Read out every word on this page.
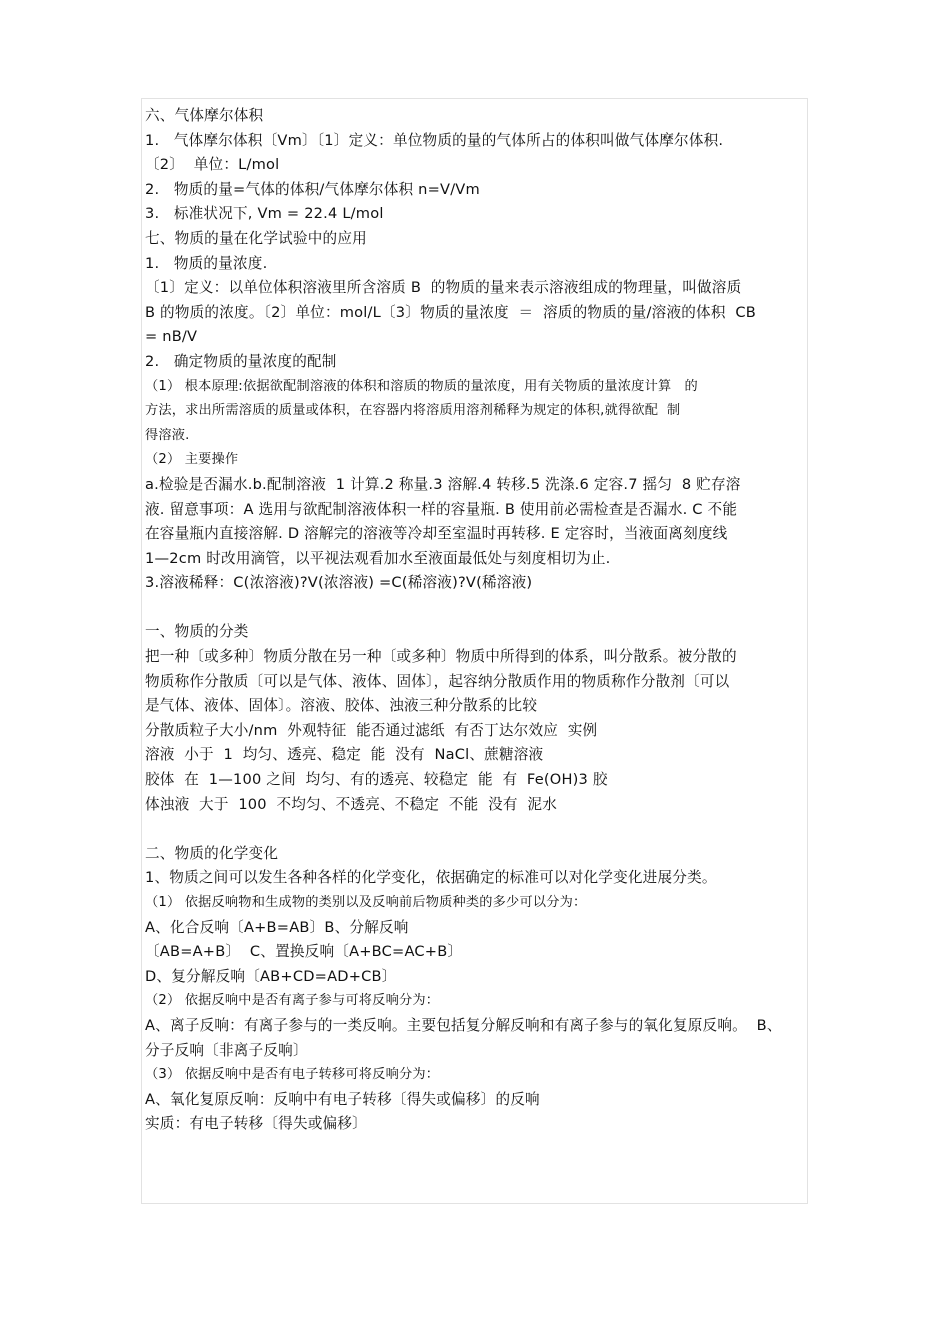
六、气体摩尔体积
1.   气体摩尔体积〔Vm〕〔1〕定义：单位物质的量的气体所占的体积叫做气体摩尔体积.
〔2〕  单位：L/mol
2.   物质的量=气体的体积/气体摩尔体积 n=V/Vm
3.   标准状况下, Vm = 22.4 L/mol
七、物质的量在化学试验中的应用
1.   物质的量浓度.
〔1〕定义：以单位体积溶液里所含溶质 B  的物质的量来表示溶液组成的物理量，叫做溶质
B 的物质的浓度。〔2〕单位：mol/L〔3〕物质的量浓度  ＝  溶质的物质的量/溶液的体积  CB
= nB/V
2.   确定物质的量浓度的配制
（1） 根本原理:依据欲配制溶液的体积和溶质的物质的量浓度，用有关物质的量浓度计算   的
方法，求出所需溶质的质量或体积，在容器内将溶质用溶剂稀释为规定的体积,就得欲配  制
得溶液.
（2） 主要操作
a.检验是否漏水.b.配制溶液  1 计算.2 称量.3 溶解.4 转移.5 洗涤.6 定容.7 摇匀  8 贮存溶
液. 留意事项：A 选用与欲配制溶液体积一样的容量瓶. B 使用前必需检查是否漏水. C 不能
在容量瓶内直接溶解. D 溶解完的溶液等冷却至室温时再转移. E 定容时，当液面离刻度线
1—2cm 时改用滴管，以平视法观看加水至液面最低处与刻度相切为止.
3.溶液稀释：C(浓溶液)?V(浓溶液) =C(稀溶液)?V(稀溶液)
一、物质的分类
把一种〔或多种〕物质分散在另一种〔或多种〕物质中所得到的体系，叫分散系。被分散的
物质称作分散质〔可以是气体、液体、固体〕，起容纳分散质作用的物质称作分散剂〔可以
是气体、液体、固体〕。溶液、胶体、浊液三种分散系的比较
分散质粒子大小/nm  外观特征  能否通过滤纸  有否丁达尔效应  实例
溶液  小于  1  均匀、透亮、稳定  能  没有  NaCl、蔗糖溶液
胶体  在  1—100 之间  均匀、有的透亮、较稳定  能  有  Fe(OH)3 胶
体浊液  大于  100  不均匀、不透亮、不稳定  不能  没有  泥水
二、物质的化学变化
1、物质之间可以发生各种各样的化学变化，依据确定的标准可以对化学变化进展分类。
（1） 依据反响物和生成物的类别以及反响前后物质种类的多少可以分为：
A、化合反响〔A+B=AB〕B、分解反响
〔AB=A+B〕  C、置换反响〔A+BC=AC+B〕
D、复分解反响〔AB+CD=AD+CB〕
（2） 依据反响中是否有离子参与可将反响分为：
A、离子反响：有离子参与的一类反响。主要包括复分解反响和有离子参与的氧化复原反响。  B、
分子反响〔非离子反响〕
（3） 依据反响中是否有电子转移可将反响分为：
A、氧化复原反响：反响中有电子转移〔得失或偏移〕的反响
实质：有电子转移〔得失或偏移〕
